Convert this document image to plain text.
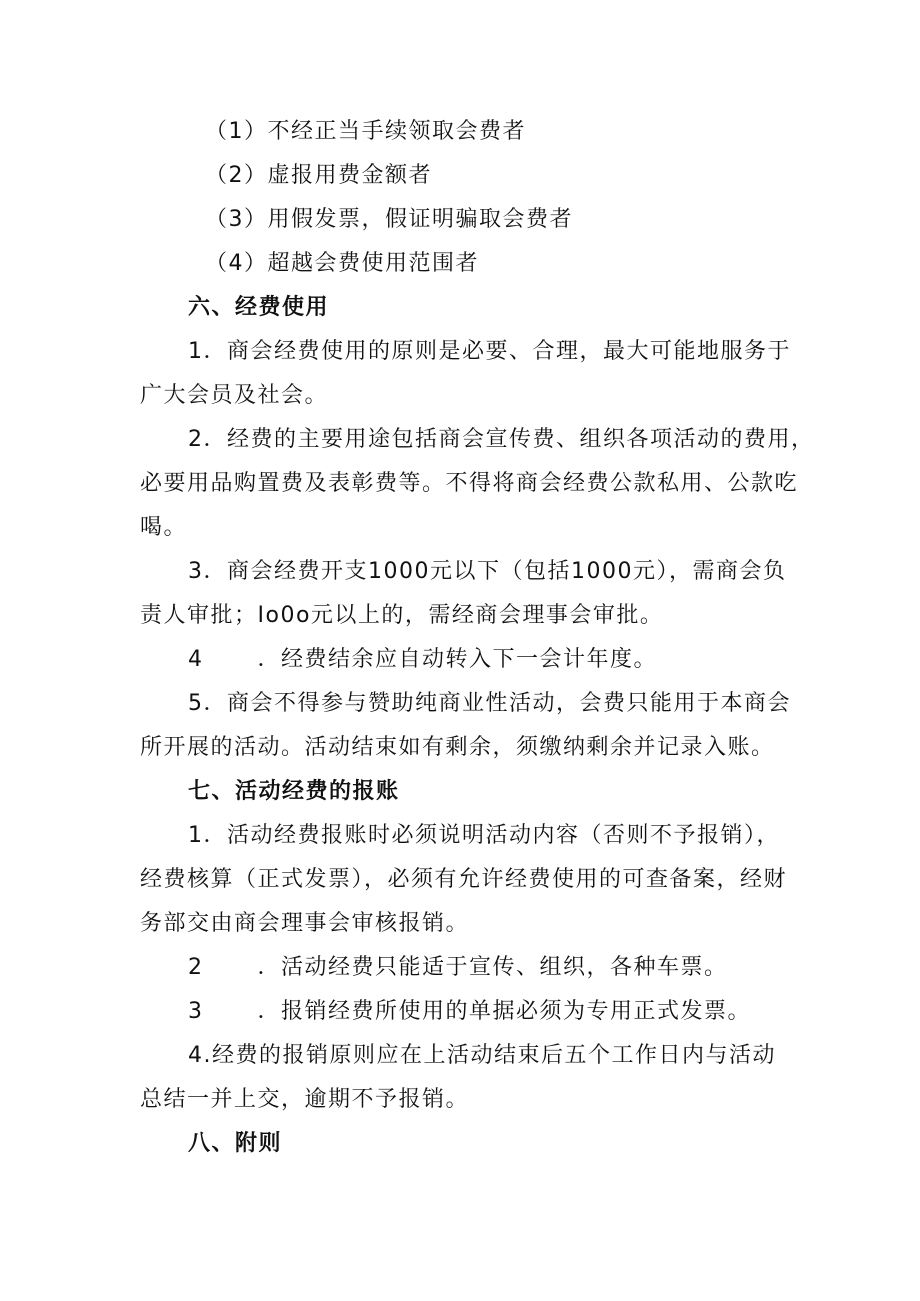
（1）不经正当手续领取会费者

（2）虚报用费金额者

（3）用假发票，假证明骗取会费者

（4）超越会费使用范围者

六、经费使用

1．商会经费使用的原则是必要、合理，最大可能地服务于

广大会员及社会。

2．经费的主要用途包括商会宣传费、组织各项活动的费用，

必要用品购置费及表彰费等。不得将商会经费公款私用、公款吃

喝。

3．商会经费开支1000元以下（包括1000元），需商会负

责人审批；Io0o元以上的，需经商会理事会审批。

4 ．经费结余应自动转入下一会计年度。

5．商会不得参与赞助纯商业性活动，会费只能用于本商会

所开展的活动。活动结束如有剩余，须缴纳剩余并记录入账。

七、活动经费的报账

1．活动经费报账时必须说明活动内容（否则不予报销），

经费核算（正式发票），必须有允许经费使用的可查备案，经财

务部交由商会理事会审核报销。

2 ．活动经费只能适于宣传、组织，各种车票。

3 ．报销经费所使用的单据必须为专用正式发票。

4.经费的报销原则应在上活动结束后五个工作日内与活动

总结一并上交，逾期不予报销。

八、附则
